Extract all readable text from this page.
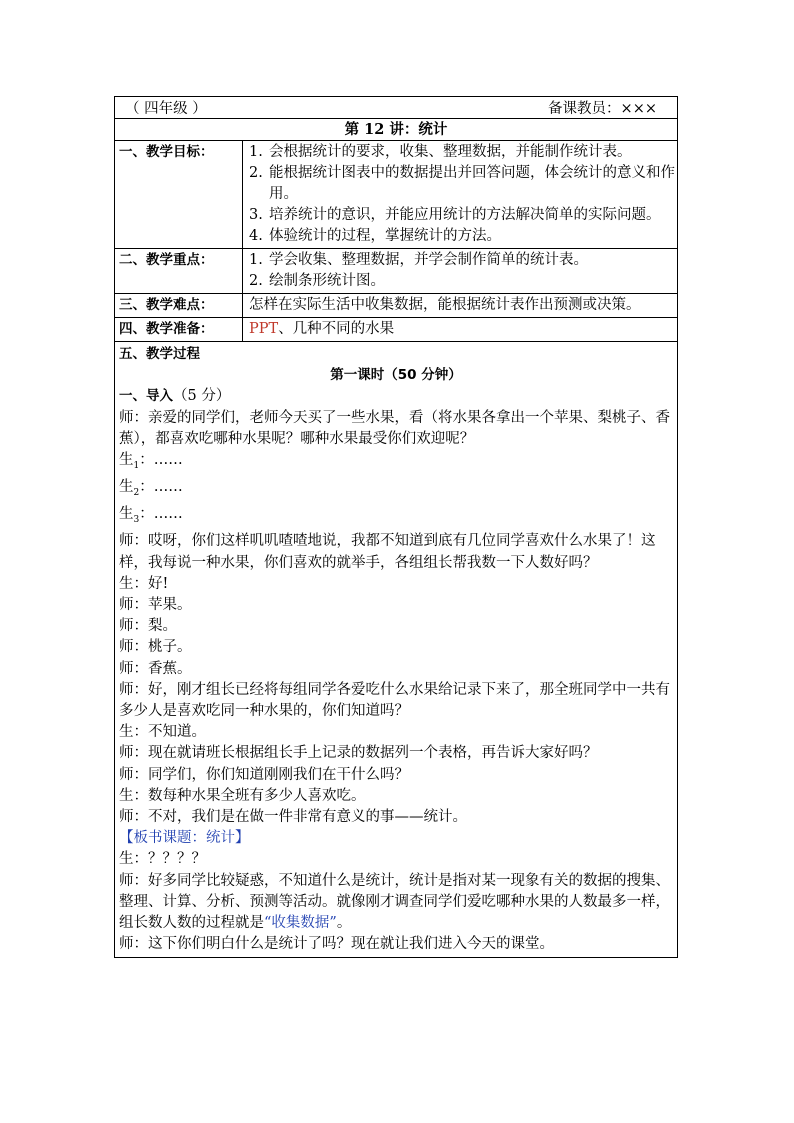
（ 四年级 ）	备课教员：×××
第 12 讲：统计
一、教学目标：	1. 会根据统计的要求，收集、整理数据，并能制作统计表。
2. 能根据统计图表中的数据提出并回答问题，体会统计的意义和作用。
3. 培养统计的意识，并能应用统计的方法解决简单的实际问题。
4. 体验统计的过程，掌握统计的方法。
二、教学重点：	1. 学会收集、整理数据，并学会制作简单的统计表。
2. 绘制条形统计图。
三、教学难点：	怎样在实际生活中收集数据，能根据统计表作出预测或决策。
四、教学准备：	PPT、几种不同的水果

五、教学过程

第一课时（50 分钟）

一、导入（5 分）

师：亲爱的同学们，老师今天买了一些水果，看（将水果各拿出一个苹果、梨桃子、香蕉），都喜欢吃哪种水果呢？哪种水果最受你们欢迎呢？

生$_1$：……

生$_2$：……

生$_3$：……

师：哎呀，你们这样叽叽喳喳地说，我都不知道到底有几位同学喜欢什么水果了！这样，我每说一种水果，你们喜欢的就举手，各组组长帮我数一下人数好吗？

生：好!

师：苹果。

师：梨。

师：桃子。

师：香蕉。

师：好，刚才组长已经将每组同学各爱吃什么水果给记录下来了，那全班同学中一共有多少人是喜欢吃同一种水果的，你们知道吗？

生：不知道。

师：现在就请班长根据组长手上记录的数据列一个表格，再告诉大家好吗？

师：同学们，你们知道刚刚我们在干什么吗？

生：数每种水果全班有多少人喜欢吃。

师：不对，我们是在做一件非常有意义的事——统计。

【板书课题：统计】

生：？？？？

师：好多同学比较疑惑，不知道什么是统计，统计是指对某一现象有关的数据的搜集、整理、计算、分析、预测等活动。就像刚才调查同学们爱吃哪种水果的人数最多一样，组长数人数的过程就是“收集数据”。

师：这下你们明白什么是统计了吗？现在就让我们进入今天的课堂。
